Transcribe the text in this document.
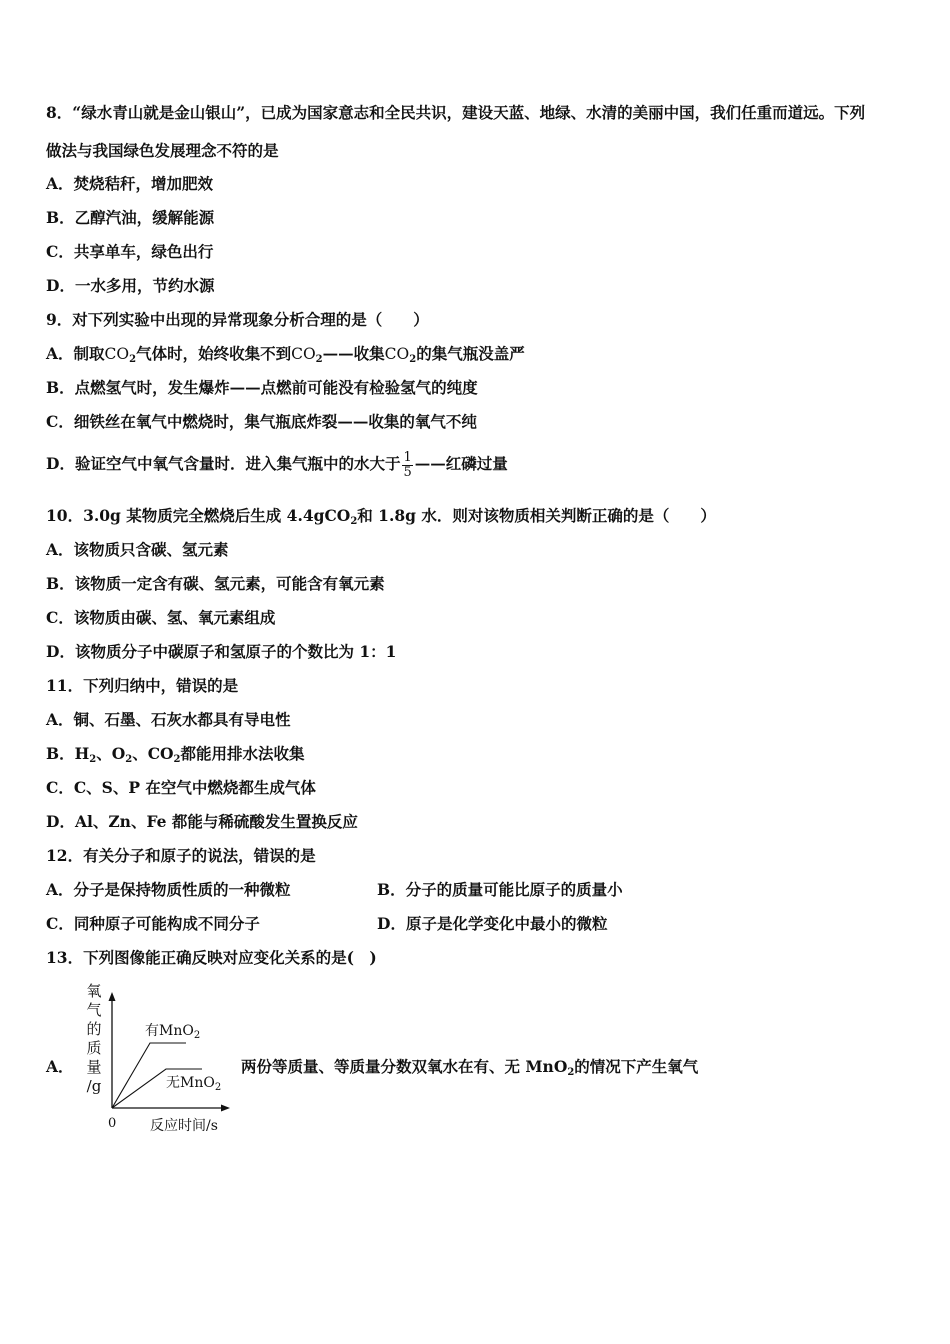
8．“绿水青山就是金山银山”，已成为国家意志和全民共识，建设天蓝、地绿、水清的美丽中国，我们任重而道远。下列
做法与我国绿色发展理念不符的是
A．焚烧秸秆，增加肥效
B．乙醇汽油，缓解能源
C．共享单车，绿色出行
D．一水多用，节约水源
9．对下列实验中出现的异常现象分析合理的是（　　）
A．制取$CO_2$气体时，始终收集不到$CO_2——$收集$CO_2$的集气瓶没盖严
B．点燃氢气时，发生爆炸——点燃前可能没有检验氢气的纯度
C．细铁丝在氧气中燃烧时，集气瓶底炸裂——收集的氧气不纯
D．验证空气中氧气含量时．进入集气瓶中的水大于 $\frac{1}{5}$ ——红磷过量
10．3.0g 某物质完全燃烧后生成 4.4gCO$_2$和 1.8g 水．则对该物质相关判断正确的是（　　）
A．该物质只含碳、氢元素
B．该物质一定含有碳、氢元素，可能含有氧元素
C．该物质由碳、氢、氧元素组成
D．该物质分子中碳原子和氢原子的个数比为 1：1
11．下列归纳中，错误的是
A．铜、石墨、石灰水都具有导电性
B．$H_2$、$O_2$、$CO_2$都能用排水法收集
C．C、S、P 在空气中燃烧都生成气体
D．Al、Zn、Fe 都能与稀硫酸发生置换反应
12．有关分子和原子的说法，错误的是
A．分子是保持物质性质的一种微粒	B．分子的质量可能比原子的质量小
C．同种原子可能构成不同分子	D．原子是化学变化中最小的微粒
13．下列图像能正确反映对应变化关系的是(　)
A．
氧
气
的
质
量
/g
有MnO$_2$
无MnO$_2$
0 反应时间/s
两份等质量、等质量分数双氧水在有、无 MnO$_2$的情况下产生氧气
